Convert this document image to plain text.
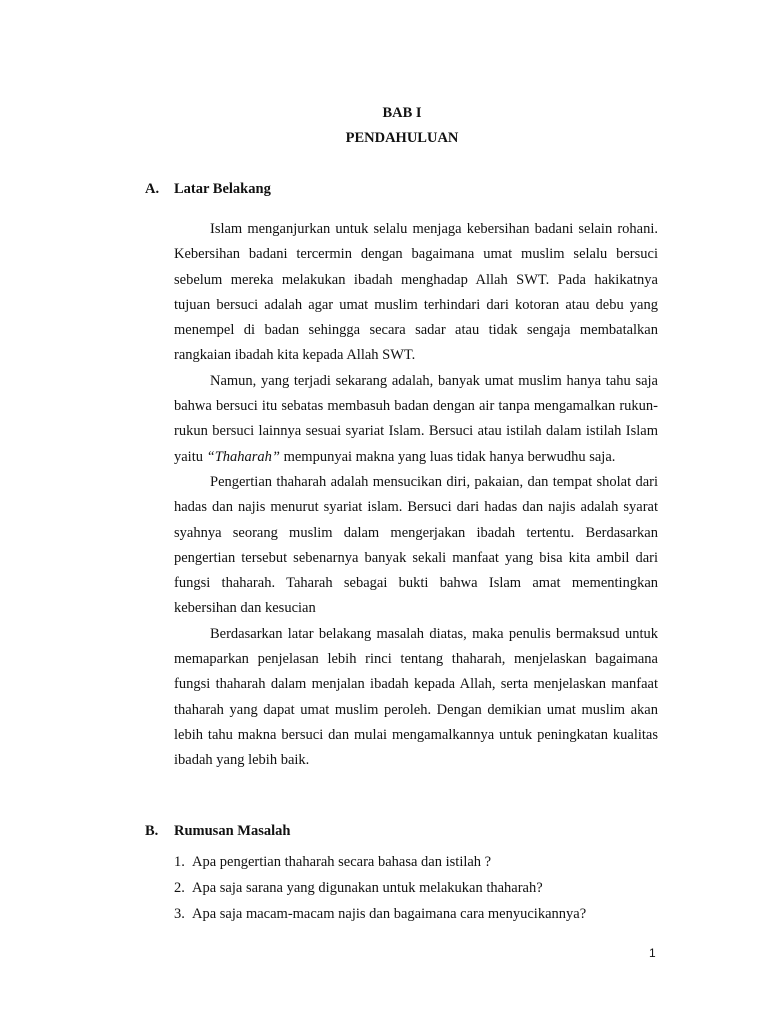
BAB I

PENDAHULUAN

A.	Latar Belakang

Islam menganjurkan untuk selalu menjaga kebersihan badani selain rohani. Kebersihan badani tercermin dengan bagaimana umat muslim selalu bersuci sebelum mereka melakukan ibadah menghadap Allah SWT. Pada hakikatnya tujuan bersuci adalah agar umat muslim terhindari dari kotoran atau debu yang menempel di badan sehingga secara sadar atau tidak sengaja membatalkan rangkaian ibadah kita kepada Allah SWT.

Namun, yang terjadi sekarang adalah, banyak umat muslim hanya tahu saja bahwa bersuci itu sebatas membasuh badan dengan air tanpa mengamalkan rukun-rukun bersuci lainnya sesuai syariat Islam. Bersuci atau istilah dalam istilah Islam yaitu “Thaharah” mempunyai makna yang luas tidak hanya berwudhu saja.

Pengertian thaharah adalah mensucikan diri, pakaian, dan tempat sholat dari hadas dan najis menurut syariat islam. Bersuci dari hadas dan najis adalah syarat syahnya seorang muslim dalam mengerjakan ibadah tertentu. Berdasarkan pengertian tersebut sebenarnya banyak sekali manfaat yang bisa kita ambil dari fungsi thaharah. Taharah sebagai bukti bahwa Islam amat mementingkan kebersihan dan kesucian

Berdasarkan latar belakang masalah diatas, maka penulis bermaksud untuk memaparkan penjelasan lebih rinci tentang thaharah, menjelaskan bagaimana fungsi thaharah dalam menjalan ibadah kepada Allah, serta menjelaskan manfaat thaharah yang dapat umat muslim peroleh. Dengan demikian umat muslim akan lebih tahu makna bersuci dan mulai mengamalkannya untuk peningkatan kualitas ibadah yang lebih baik.

B.	Rumusan Masalah
1. Apa pengertian thaharah secara bahasa dan istilah ?
2. Apa saja sarana yang digunakan untuk melakukan thaharah?
3. Apa saja macam-macam najis dan bagaimana cara menyucikannya?
1
